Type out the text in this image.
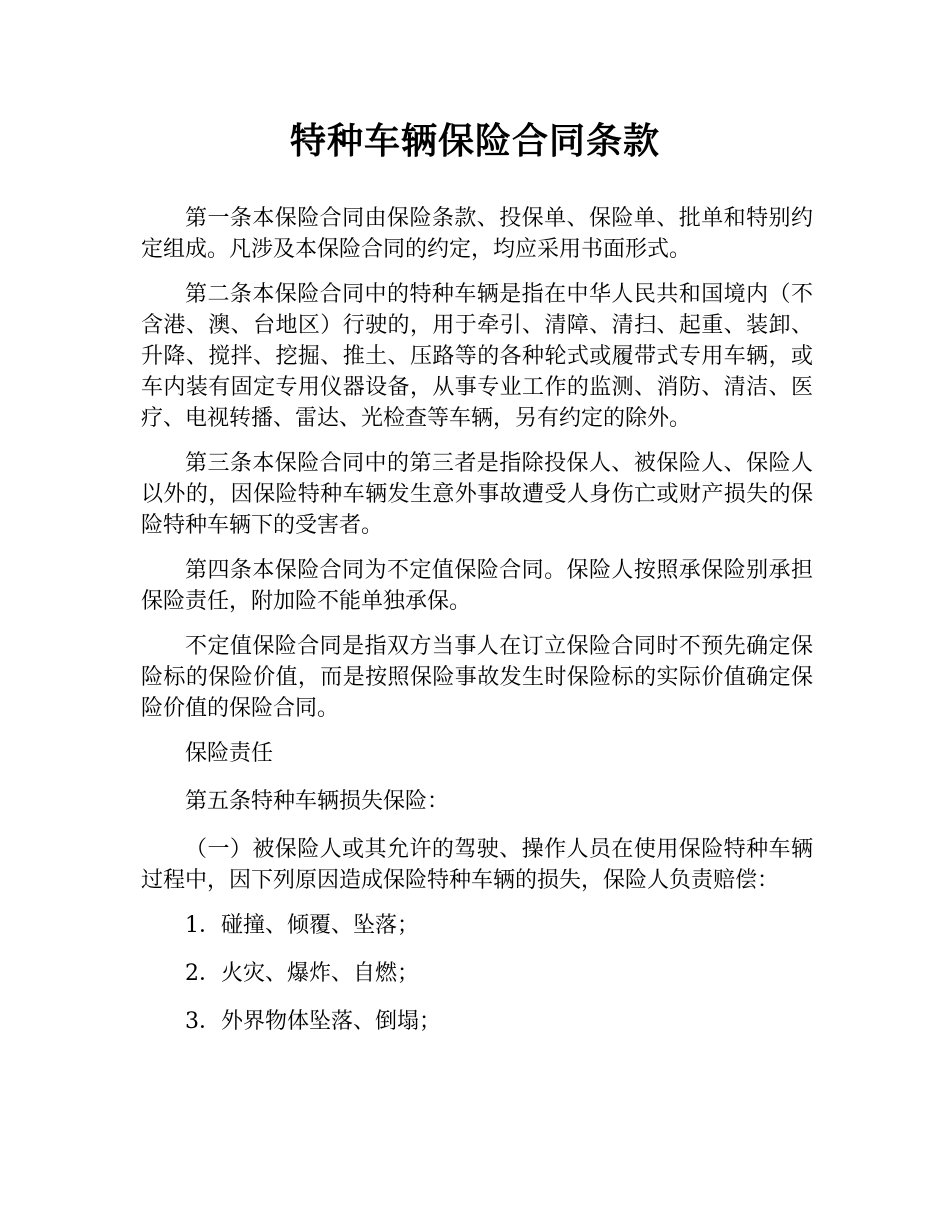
特种车辆保险合同条款

第一条本保险合同由保险条款、投保单、保险单、批单和特别约定组成。凡涉及本保险合同的约定，均应采用书面形式。

第二条本保险合同中的特种车辆是指在中华人民共和国境内（不含港、澳、台地区）行驶的，用于牵引、清障、清扫、起重、装卸、升降、搅拌、挖掘、推土、压路等的各种轮式或履带式专用车辆，或车内装有固定专用仪器设备，从事专业工作的监测、消防、清洁、医疗、电视转播、雷达、光检查等车辆，另有约定的除外。

第三条本保险合同中的第三者是指除投保人、被保险人、保险人以外的，因保险特种车辆发生意外事故遭受人身伤亡或财产损失的保险特种车辆下的受害者。

第四条本保险合同为不定值保险合同。保险人按照承保险别承担保险责任，附加险不能单独承保。

不定值保险合同是指双方当事人在订立保险合同时不预先确定保险标的保险价值，而是按照保险事故发生时保险标的实际价值确定保险价值的保险合同。

保险责任

第五条特种车辆损失保险：

（一）被保险人或其允许的驾驶、操作人员在使用保险特种车辆过程中，因下列原因造成保险特种车辆的损失，保险人负责赔偿：

1．碰撞、倾覆、坠落；

2．火灾、爆炸、自燃；

3．外界物体坠落、倒塌；
